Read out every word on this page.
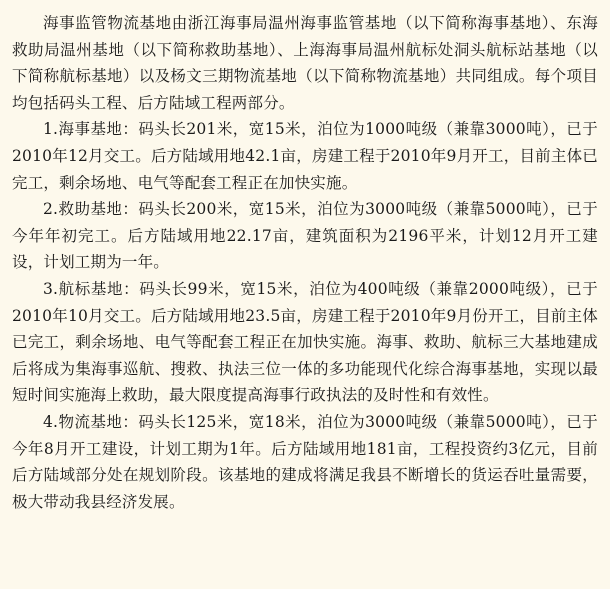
海事监管物流基地由浙江海事局温州海事监管基地（以下简称海事基地）、东海救助局温州基地（以下简称救助基地）、上海海事局温州航标处洞头航标站基地（以下简称航标基地）以及杨文三期物流基地（以下简称物流基地）共同组成。每个项目均包括码头工程、后方陆域工程两部分。

1.海事基地：码头长201米，宽15米，泊位为1000吨级（兼靠3000吨），已于2010年12月交工。后方陆域用地42.1亩，房建工程于2010年9月开工，目前主体已完工，剩余场地、电气等配套工程正在加快实施。

2.救助基地：码头长200米，宽15米，泊位为3000吨级（兼靠5000吨），已于今年年初完工。后方陆域用地22.17亩，建筑面积为2196平米，计划12月开工建设，计划工期为一年。

3.航标基地：码头长99米，宽15米，泊位为400吨级（兼靠2000吨级），已于2010年10月交工。后方陆域用地23.5亩，房建工程于2010年9月份开工，目前主体已完工，剩余场地、电气等配套工程正在加快实施。海事、救助、航标三大基地建成后将成为集海事巡航、搜救、执法三位一体的多功能现代化综合海事基地，实现以最短时间实施海上救助，最大限度提高海事行政执法的及时性和有效性。

4.物流基地：码头长125米，宽18米，泊位为3000吨级（兼靠5000吨），已于今年8月开工建设，计划工期为1年。后方陆域用地181亩，工程投资约3亿元，目前后方陆域部分处在规划阶段。该基地的建成将满足我县不断增长的货运吞吐量需要，极大带动我县经济发展。
